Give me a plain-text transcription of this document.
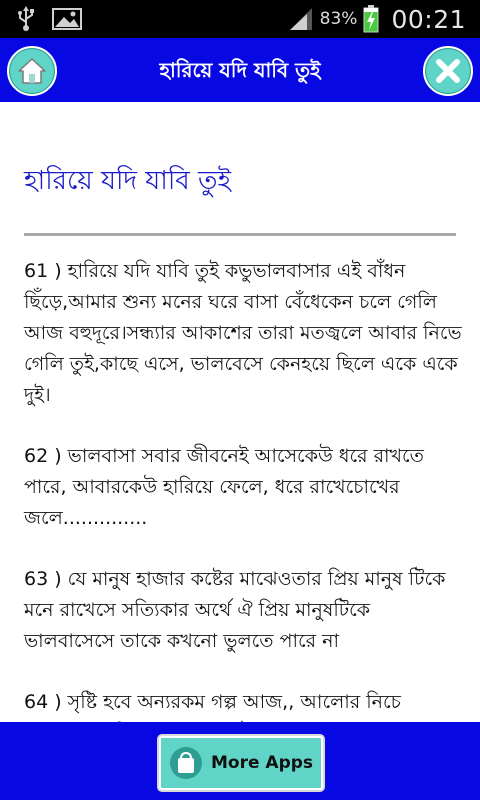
83% 00:21
হারিয়ে যদি যাবি তুই
হারিয়ে যদি যাবি তুই

61 ) হারিয়ে যদি যাবি তুই কভুভালবাসার এই বাঁধন ছিঁড়ে,আমার শুন্য মনের ঘরে বাসা বেঁধেকেন চলে গেলি আজ বহুদূরে।সন্ধ্যার আকাশের তারা মতজ্বলে আবার নিভে গেলি তুই,কাছে এসে, ভালবেসে কেনহয়ে ছিলে একে একে দুই।

62 ) ভালবাসা সবার জীবনেই আসেকেউ ধরে রাখতে পারে, আবারকেউ হারিয়ে ফেলে, ধরে রাখেচোখের জলে..............

63 ) যে মানুষ হাজার কষ্টের মাঝেওতার প্রিয় মানুষ টিকে মনে রাখেসে সত্যিকার অর্থে ঐ প্রিয় মানুষটিকে ভালবাসেসে তাকে কখনো ভুলতে পারে না

64 ) সৃষ্টি হবে অন্যরকম গল্প আজ,, আলোর নিচে

More Apps
